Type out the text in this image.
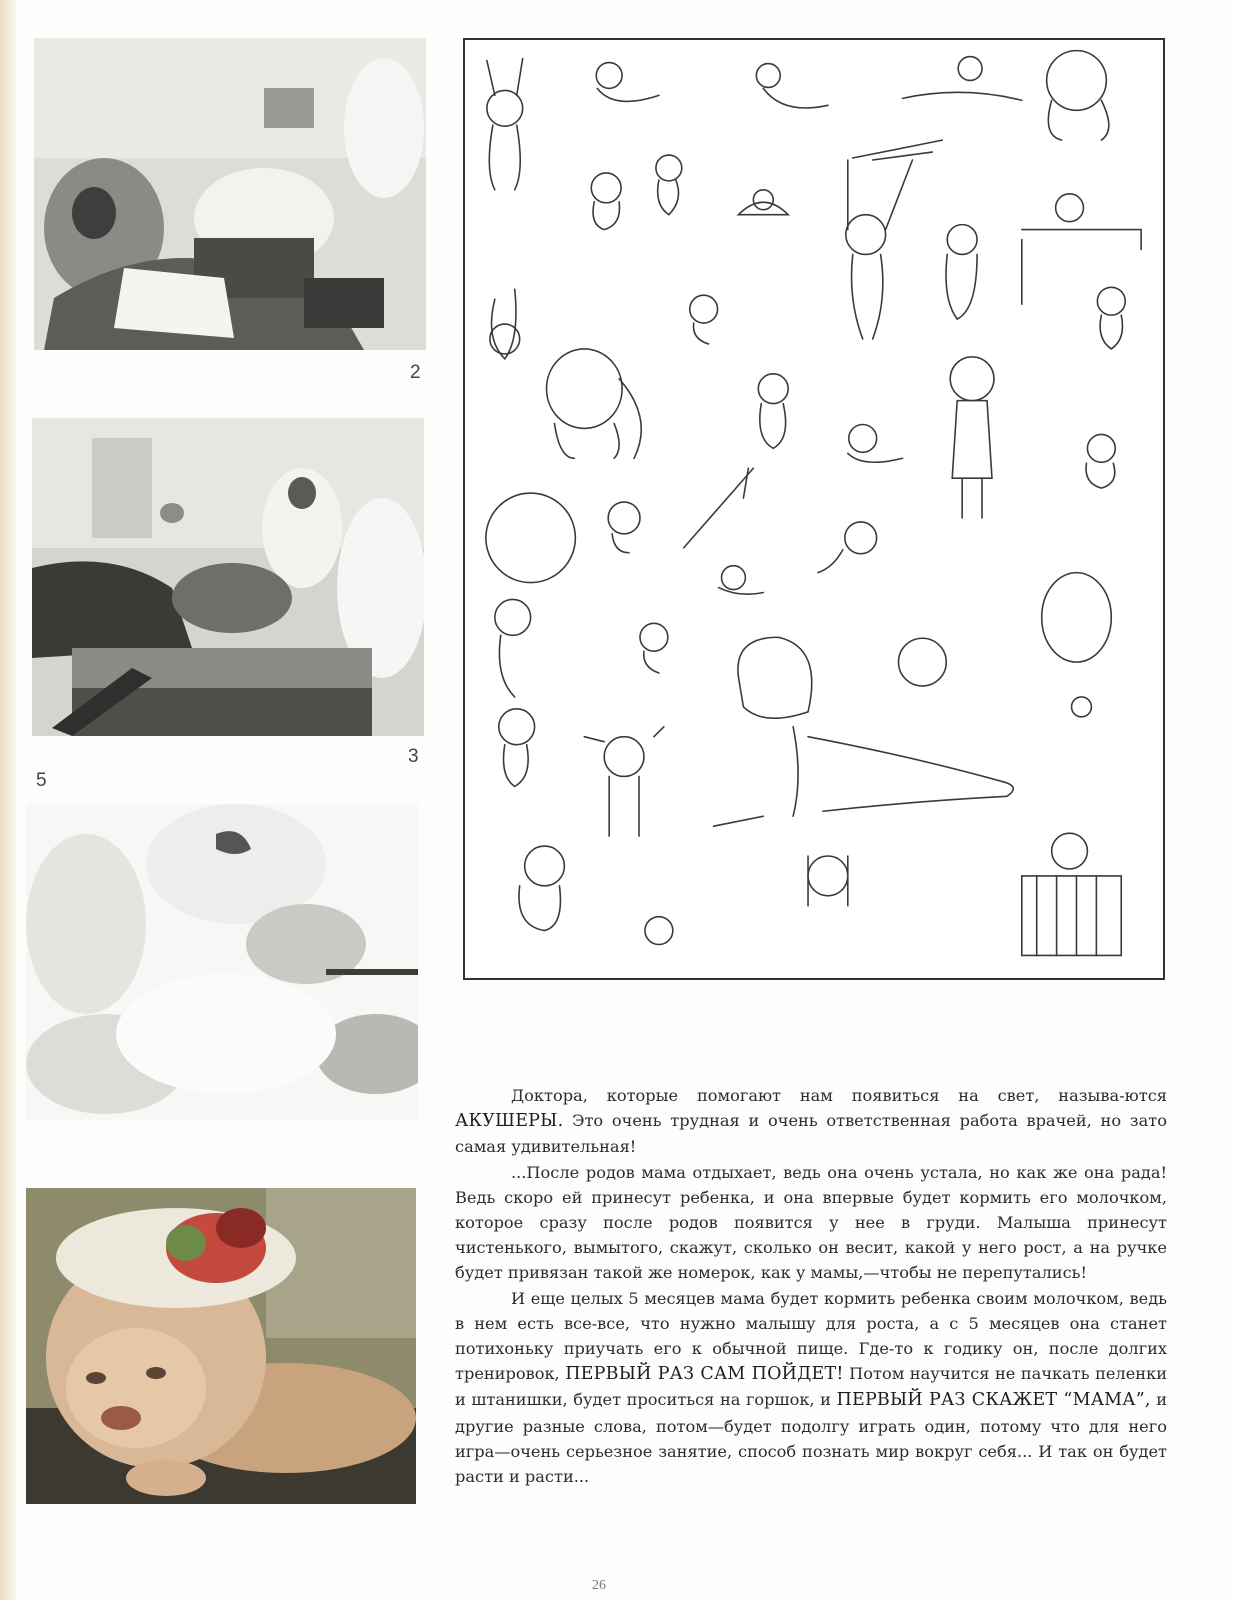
2
3
5

Доктора, которые помогают нам появиться на свет, называ-ются АКУШЕРЫ. Это очень трудная и очень ответственная работа врачей, но зато самая удивительная!

...После родов мама отдыхает, ведь она очень устала, но как же она рада! Ведь скоро ей принесут ребенка, и она впервые будет кормить его молочком, которое сразу после родов появится у нее в груди. Малыша принесут чистенького, вымытого, скажут, сколько он весит, какой у него рост, а на ручке будет привязан такой же номерок, как у мамы,—чтобы не перепутались!

И еще целых 5 месяцев мама будет кормить ребенка своим молочком, ведь в нем есть все-все, что нужно малышу для роста, а с 5 месяцев она станет потихоньку приучать его к обычной пище. Где-то к годику он, после долгих тренировок, ПЕРВЫЙ РАЗ САМ ПОЙДЕТ! Потом научится не пачкать пеленки и штанишки, будет проситься на горшок, и ПЕРВЫЙ РАЗ СКАЖЕТ “МАМА”, и другие разные слова, потом—будет подолгу играть один, потому что для него игра—очень серьезное занятие, способ познать мир вокруг себя... И так он будет расти и расти...

26
